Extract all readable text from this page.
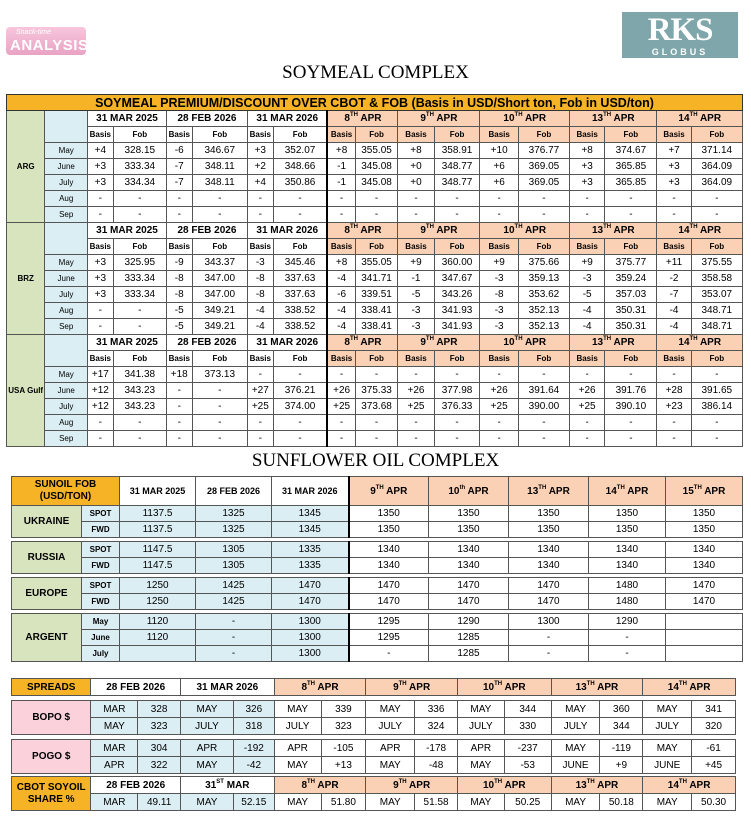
Snack-time
ANALYSIS	RKS
GLOBUS
SOYMEAL COMPLEX
SOYMEAL PREMIUM/DISCOUNT OVER CBOT & FOB (Basis in USD/Short ton, Fob in USD/ton)																	
ARG		31 MAR 2025		28 FEB 2026		31 MAR 2026		8TH APR		9TH APR		10TH APR		13TH APR		14TH APR	
		Basis	Fob	Basis	Fob	Basis	Fob	Basis	Fob	Basis	Fob	Basis	Fob	Basis	Fob	Basis	Fob
	May	+4	328.15	-6	346.67	+3	352.07	+8	355.05	+8	358.91	+10	376.77	+8	374.67	+7	371.14
	June	+3	333.34	-7	348.11	+2	348.66	-1	345.08	+0	348.77	+6	369.05	+3	365.85	+3	364.09
	July	+3	334.34	-7	348.11	+4	350.86	-1	345.08	+0	348.77	+6	369.05	+3	365.85	+3	364.09
	Aug	-	-	-	-	-	-	-	-	-	-	-	-	-	-	-	-
	Sep	-	-	-	-	-	-	-	-	-	-	-	-	-	-	-	-
BRZ		31 MAR 2025		28 FEB 2026		31 MAR 2026		8TH APR		9TH APR		10TH APR		13TH APR		14TH APR	
		Basis	Fob	Basis	Fob	Basis	Fob	Basis	Fob	Basis	Fob	Basis	Fob	Basis	Fob	Basis	Fob
	May	+3	325.95	-9	343.37	-3	345.46	+8	355.05	+9	360.00	+9	375.66	+9	375.77	+11	375.55
	June	+3	333.34	-8	347.00	-8	337.63	-4	341.71	-1	347.67	-3	359.13	-3	359.24	-2	358.58
	July	+3	333.34	-8	347.00	-8	337.63	-6	339.51	-5	343.26	-8	353.62	-5	357.03	-7	353.07
	Aug	-	-	-5	349.21	-4	338.52	-4	338.41	-3	341.93	-3	352.13	-4	350.31	-4	348.71
	Sep	-	-	-5	349.21	-4	338.52	-4	338.41	-3	341.93	-3	352.13	-4	350.31	-4	348.71
USA Gulf		31 MAR 2025		28 FEB 2026		31 MAR 2026		8TH APR		9TH APR		10TH APR		13TH APR		14TH APR	
		Basis	Fob	Basis	Fob	Basis	Fob	Basis	Fob	Basis	Fob	Basis	Fob	Basis	Fob	Basis	Fob
	May	+17	341.38	+18	373.13	-	-	-	-	-	-	-	-	-	-	-	-
	June	+12	343.23	-	-	+27	376.21	+26	375.33	+26	377.98	+26	391.64	+26	391.76	+28	391.65
	July	+12	343.23	-	-	+25	374.00	+25	373.68	+25	376.33	+25	390.00	+25	390.10	+23	386.14
	Aug	-	-	-	-	-	-	-	-	-	-	-	-	-	-	-	-
	Sep	-	-	-	-	-	-	-	-	-	-	-	-	-	-	-	-
SUNFLOWER OIL COMPLEX
SUNOIL FOB (USD/TON)		31 MAR 2025	28 FEB 2026	31 MAR 2026	9TH APR	10th APR	13TH APR	14TH APR	15TH APR
UKRAINE	SPOT	1137.5	1325	1345	1350	1350	1350	1350	1350
	FWD	1137.5	1325	1345	1350	1350	1350	1350	1350

RUSSIA	SPOT	1147.5	1305	1335	1340	1340	1340	1340	1340
	FWD	1147.5	1305	1335	1340	1340	1340	1340	1340

EUROPE	SPOT	1250	1425	1470	1470	1470	1470	1480	1470
	FWD	1250	1425	1470	1470	1470	1470	1480	1470

ARGENT	May	1120	-	1300	1295	1290	1300	1290	
	June	1120	-	1300	1295	1285	-	-	
	July		-	1300	-	1285	-	-	
SPREADS	28 FEB 2026		31 MAR 2026		8TH APR		9TH APR		10TH APR		13TH APR		14TH APR	

BOPO $	MAR	328	MAY	326	MAY	339	MAY	336	MAY	344	MAY	360	MAY	341
	MAY	323	JULY	318	JULY	323	JULY	324	JULY	330	JULY	344	JULY	320

POGO $	MAR	304	APR	-192	APR	-105	APR	-178	APR	-237	MAY	-119	MAY	-61
	APR	322	MAY	-42	MAY	+13	MAY	-48	MAY	-53	JUNE	+9	JUNE	+45
CBOT SOYOIL SHARE %	28 FEB 2026		31ST MAR		8TH APR		9TH APR		10TH APR		13TH APR		14TH APR	
	MAR	49.11	MAY	52.15	MAY	51.80	MAY	51.58	MAY	50.25	MAY	50.18	MAY	50.30
